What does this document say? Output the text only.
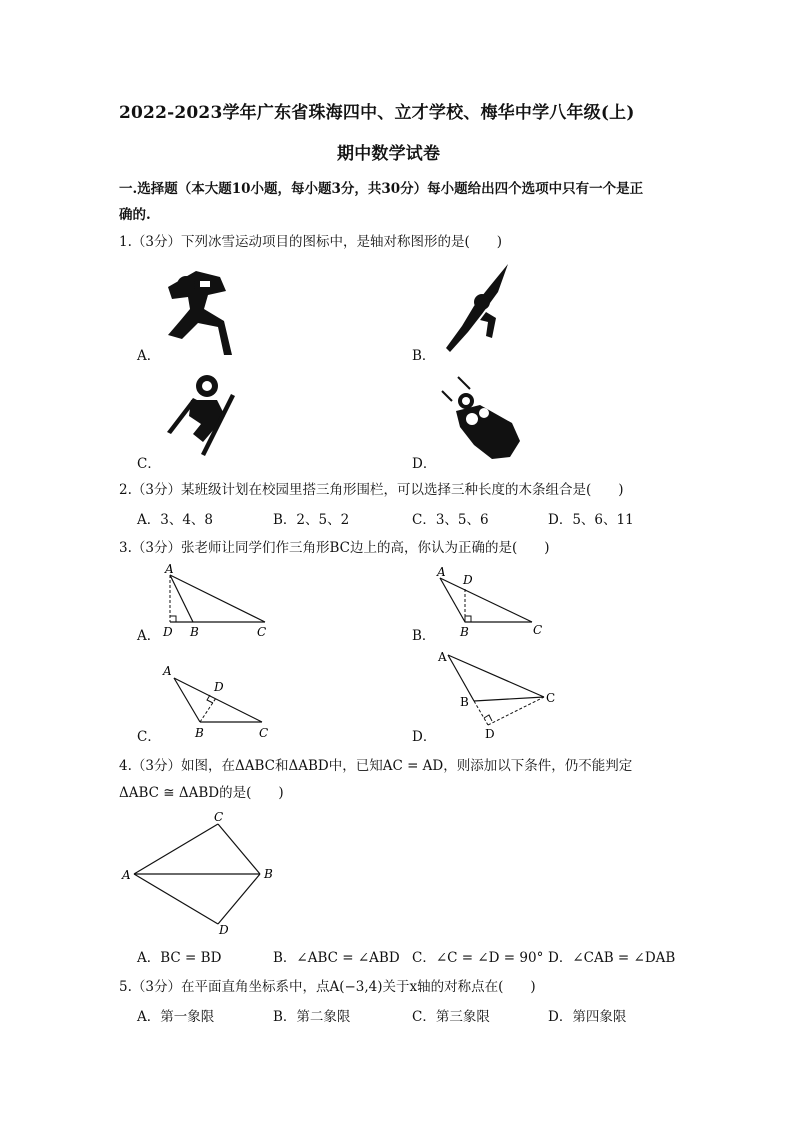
2022-2023学年广东省珠海四中、立才学校、梅华中学八年级(上)
期中数学试卷
一.选择题（本大题10小题，每小题3分，共30分）每小题给出四个选项中只有一个是正
确的.
1.（3分）下列冰雪运动项目的图标中，是轴对称图形的是(　　)
A．	B．
C．	D．
2.（3分）某班级计划在校园里搭三角形围栏，可以选择三种长度的木条组合是(　　)
A．3、4、8	B．2、5、2	C．3、5、6	D．5、6、11
3.（3分）张老师让同学们作三角形BC边上的高，你认为正确的是(　　)
A
D B	C
A．
A
D
B	C
B．
A
D
B	C
C．
A
B	C
D
D．
4.（3分）如图，在ΔABC和ΔABD中，已知AC = AD，则添加以下条件，仍不能判定
ΔABC ≅ ΔABD的是(　　)
C
A	B
D
A．BC = BD	B．∠ABC = ∠ABD C．∠C = ∠D = 90° D．∠CAB = ∠DAB
5.（3分）在平面直角坐标系中，点A(−3,4)关于x轴的对称点在(　　)
A．第一象限	B．第二象限	C．第三象限	D．第四象限
